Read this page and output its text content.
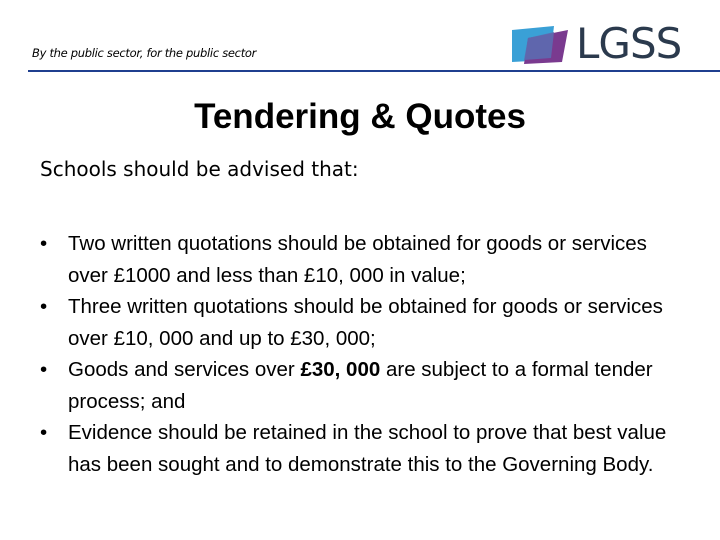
By the public sector, for the public sector	LGSS
Tendering & Quotes
Schools should be advised that:
• Two written quotations should be obtained for goods or services over £1000 and less than £10, 000 in value;
• Three written quotations should be obtained for goods or services over £10, 000 and up to £30, 000;
• Goods and services over £30, 000 are subject to a formal tender process; and
• Evidence should be retained in the school to prove that best value has been sought and to demonstrate this to the Governing Body.
